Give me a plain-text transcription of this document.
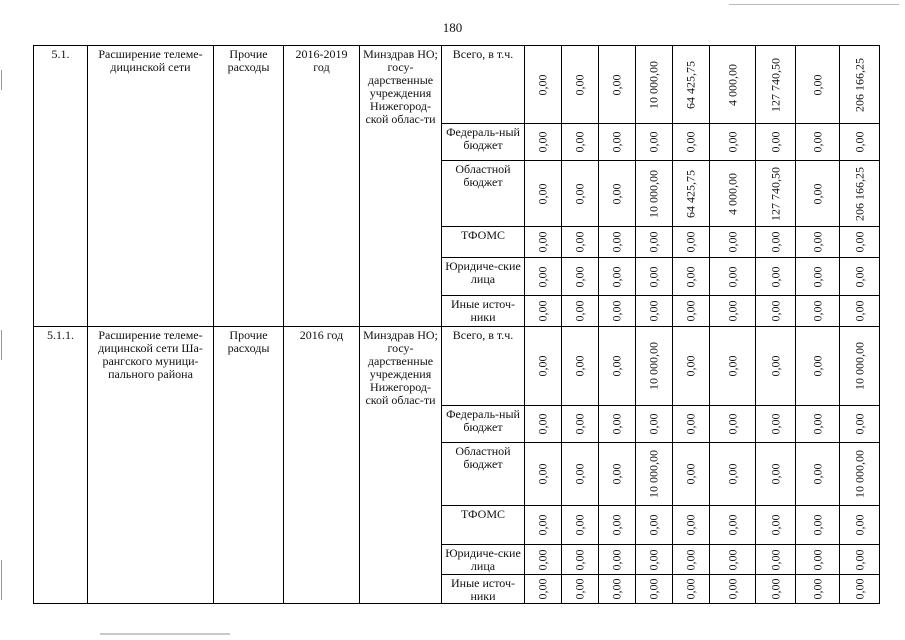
180
5.1.	Расширение телеме-дицинской сети	Прочие расходы	2016-2019 год	Минздрав НО; госу-дарственные учреждения Нижегород-ской облас-ти	Всего, в т.ч.	0,00	0,00	0,00	10 000,00	64 425,75	4 000,00	127 740,50	0,00	206 166,25

					Федераль-ный бюджет	0,00	0,00	0,00	0,00	0,00	0,00	0,00	0,00	0,00

					Областной бюджет	0,00	0,00	0,00	10 000,00	64 425,75	4 000,00	127 740,50	0,00	206 166,25

					ТФОМС	0,00	0,00	0,00	0,00	0,00	0,00	0,00	0,00	0,00

					Юридиче-ские лица	0,00	0,00	0,00	0,00	0,00	0,00	0,00	0,00	0,00

					Иные источ-ники	0,00	0,00	0,00	0,00	0,00	0,00	0,00	0,00	0,00

5.1.1.	Расширение телеме-дицинской сети Ша-рангского муници-пального района	Прочие расходы	2016 год	Минздрав НО; госу-дарственные учреждения Нижегород-ской облас-ти	Всего, в т.ч.	0,00	0,00	0,00	10 000,00	0,00	0,00	0,00	0,00	10 000,00

					Федераль-ный бюджет	0,00	0,00	0,00	0,00	0,00	0,00	0,00	0,00	0,00

					Областной бюджет	0,00	0,00	0,00	10 000,00	0,00	0,00	0,00	0,00	10 000,00

					ТФОМС	0,00	0,00	0,00	0,00	0,00	0,00	0,00	0,00	0,00

					Юридиче-ские лица	0,00	0,00	0,00	0,00	0,00	0,00	0,00	0,00	0,00

					Иные источ-ники	0,00	0,00	0,00	0,00	0,00	0,00	0,00	0,00	0,00
